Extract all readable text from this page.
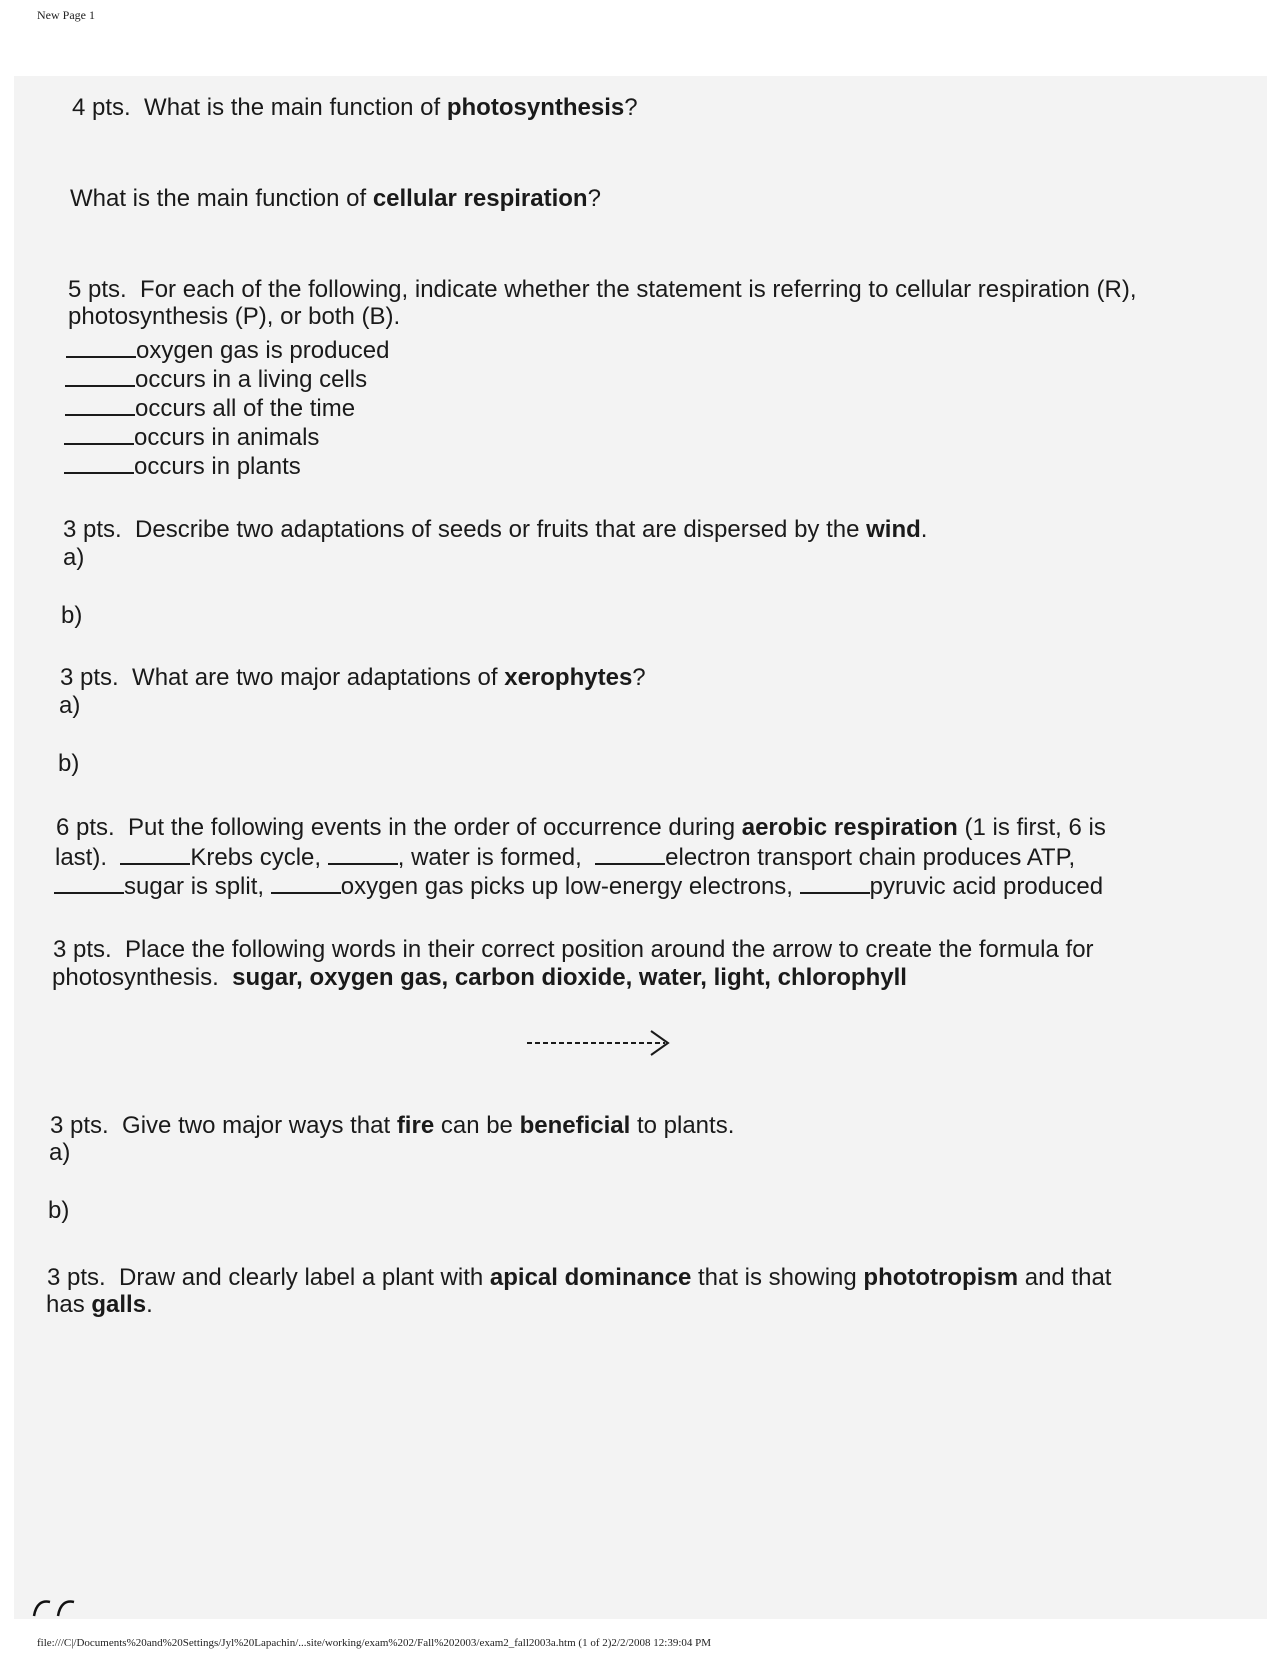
New Page 1
4 pts. What is the main function of photosynthesis?
What is the main function of cellular respiration?
5 pts. For each of the following, indicate whether the statement is referring to cellular respiration (R),
photosynthesis (P), or both (B).
oxygen gas is produced
occurs in a living cells
occurs all of the time
occurs in animals
occurs in plants
3 pts. Describe two adaptations of seeds or fruits that are dispersed by the wind.
a)
b)
3 pts. What are two major adaptations of xerophytes?
a)
b)
6 pts. Put the following events in the order of occurrence during aerobic respiration (1 is first, 6 is
last).	Krebs cycle,	, water is formed,	electron transport chain produces ATP,
sugar is split,	oxygen gas picks up low-energy electrons,	pyruvic acid produced
3 pts. Place the following words in their correct position around the arrow to create the formula for
photosynthesis. sugar, oxygen gas, carbon dioxide, water, light, chlorophyll
3 pts. Give two major ways that fire can be beneficial to plants.
a)
b)
3 pts. Draw and clearly label a plant with apical dominance that is showing phototropism and that
has galls.
file:///C|/Documents%20and%20Settings/Jyl%20Lapachin/...site/working/exam%202/Fall%202003/exam2_fall2003a.htm (1 of 2)2/2/2008 12:39:04 PM
